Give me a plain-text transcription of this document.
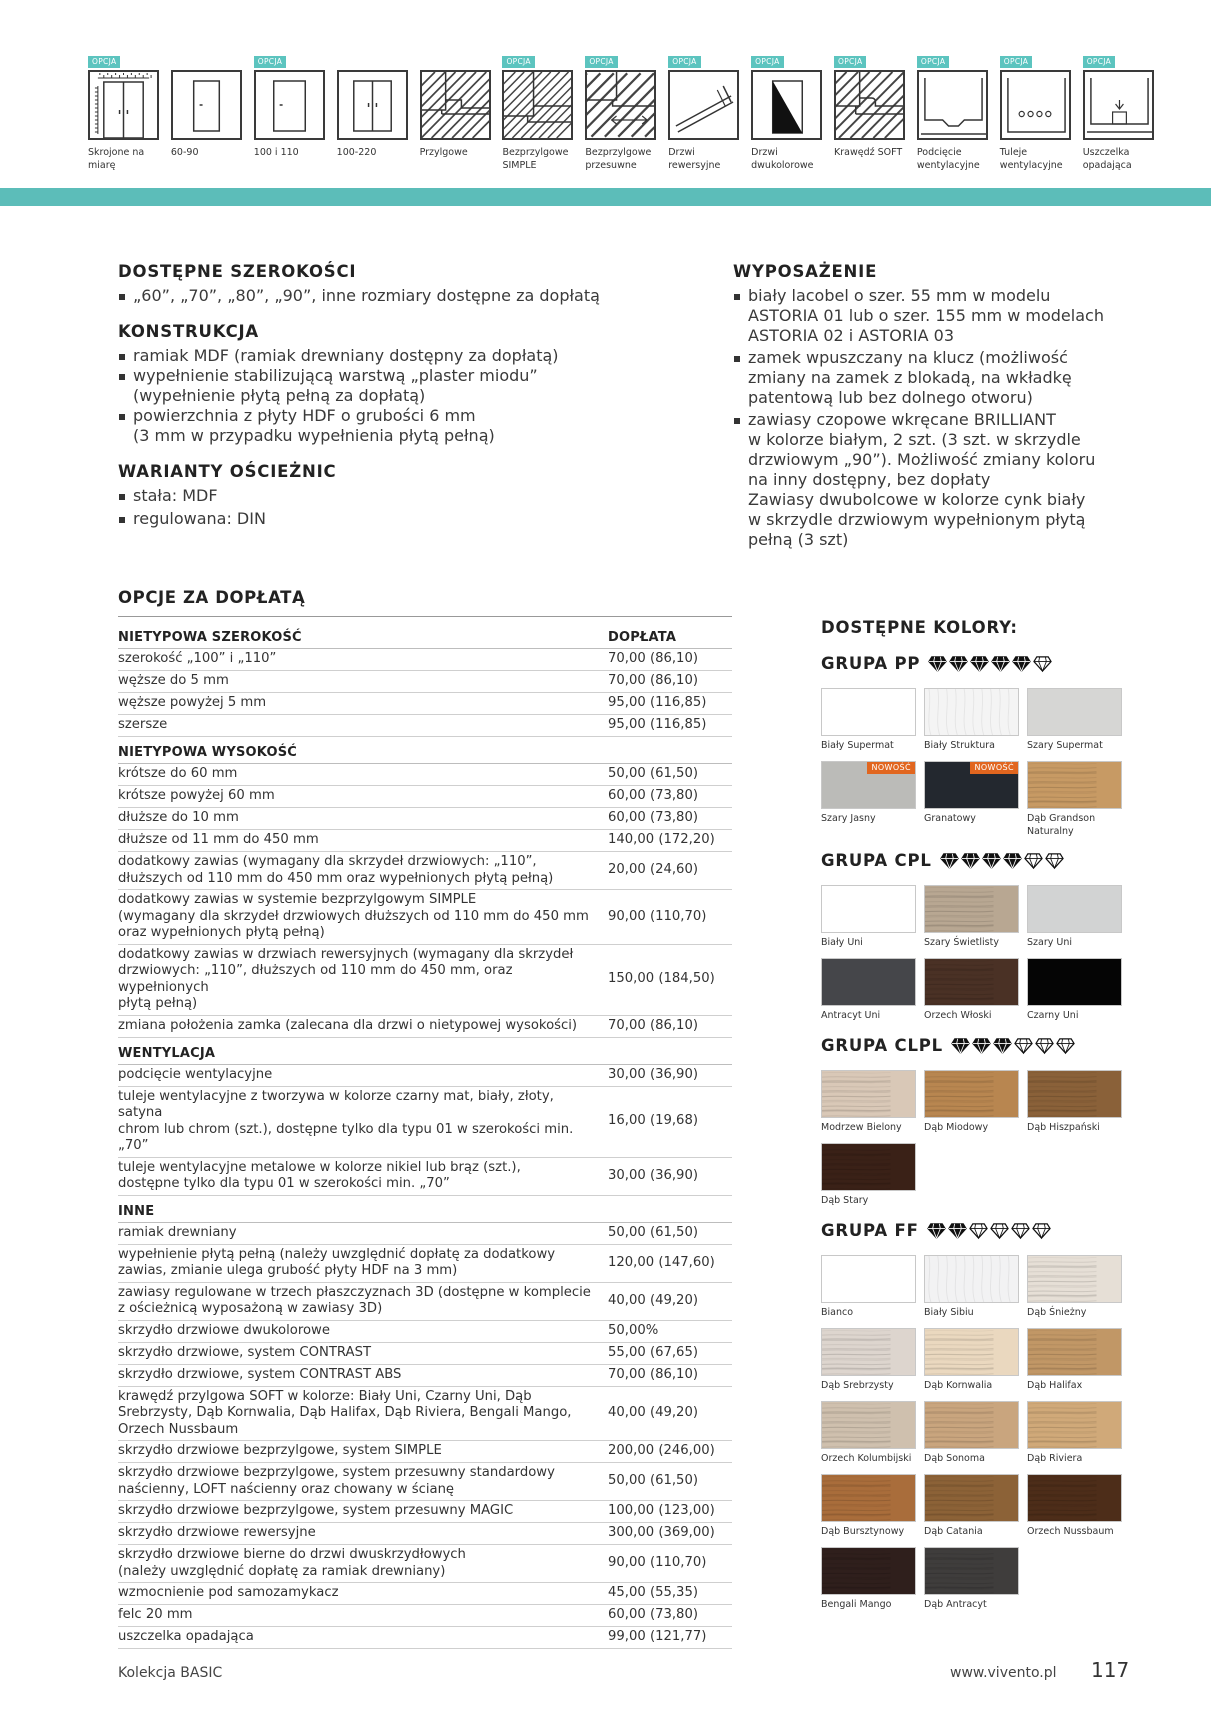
OPCJA
Skrojone na miarę
60-90
OPCJA
100 i 110	100-220	Przylgowe
OPCJA
Bezprzylgowe SIMPLE
OPCJA
Bezprzylgowe przesuwne
OPCJA
Drzwi rewersyjne
OPCJA
Drzwi dwukolorowe
OPCJA
Krawędź SOFT
OPCJA
Podcięcie wentylacyjne
OPCJA
Tuleje wentylacyjne
OPCJA
Uszczelka opadająca
DOSTĘPNE SZEROKOŚCI
„60”, „70”, „80”, „90”, inne rozmiary dostępne za dopłatą
KONSTRUKCJA
ramiak MDF (ramiak drewniany dostępny za dopłatą)
wypełnienie stabilizującą warstwą „plaster miodu”
(wypełnienie płytą pełną za dopłatą)
powierzchnia z płyty HDF o grubości 6 mm
(3 mm w przypadku wypełnienia płytą pełną)
WARIANTY OŚCIEŻNIC
stała: MDF
regulowana: DIN
WYPOSAŻENIE
biały lacobel o szer. 55 mm w modelu
ASTORIA 01 lub o szer. 155 mm w modelach
ASTORIA 02 i ASTORIA 03
zamek wpuszczany na klucz (możliwość
zmiany na zamek z blokadą, na wkładkę
patentową lub bez dolnego otworu)
zawiasy czopowe wkręcane BRILLIANT
w kolorze białym, 2 szt. (3 szt. w skrzydle
drzwiowym „90”). Możliwość zmiany koloru
na inny dostępny, bez dopłaty
Zawiasy dwubolcowe w kolorze cynk biały
w skrzydle drzwiowym wypełnionym płytą
pełną (3 szt)
OPCJE ZA DOPŁATĄ
NIETYPOWA SZEROKOŚĆ	DOPŁATA
szerokość „100” i „110”	70,00 (86,10)
węższe do 5 mm	70,00 (86,10)
węższe powyżej 5 mm	95,00 (116,85)
szersze	95,00 (116,85)
NIETYPOWA WYSOKOŚĆ
krótsze do 60 mm	50,00 (61,50)
krótsze powyżej 60 mm	60,00 (73,80)
dłuższe do 10 mm	60,00 (73,80)
dłuższe od 11 mm do 450 mm	140,00 (172,20)
dodatkowy zawias (wymagany dla skrzydeł drzwiowych: „110”,
dłuższych od 110 mm do 450 mm oraz wypełnionych płytą pełną)
20,00 (24,60)
dodatkowy zawias w systemie bezprzylgowym SIMPLE
(wymagany dla skrzydeł drzwiowych dłuższych od 110 mm do 450 mm
oraz wypełnionych płytą pełną)
90,00 (110,70)
dodatkowy zawias w drzwiach rewersyjnych (wymagany dla skrzydeł
drzwiowych: „110”, dłuższych od 110 mm do 450 mm, oraz wypełnionych
płytą pełną)
150,00 (184,50)
zmiana położenia zamka (zalecana dla drzwi o nietypowej wysokości)	70,00 (86,10)
WENTYLACJA
podcięcie wentylacyjne	30,00 (36,90)
tuleje wentylacyjne z tworzywa w kolorze czarny mat, biały, złoty, satyna
chrom lub chrom (szt.), dostępne tylko dla typu 01 w szerokości min. „70”
16,00 (19,68)
tuleje wentylacyjne metalowe w kolorze nikiel lub brąz (szt.),
dostępne tylko dla typu 01 w szerokości min. „70”
30,00 (36,90)
INNE
ramiak drewniany	50,00 (61,50)
wypełnienie płytą pełną (należy uwzględnić dopłatę za dodatkowy
zawias, zmianie ulega grubość płyty HDF na 3 mm)
120,00 (147,60)
zawiasy regulowane w trzech płaszczyznach 3D (dostępne w komplecie
z ościeżnicą wyposażoną w zawiasy 3D)
40,00 (49,20)
skrzydło drzwiowe dwukolorowe	50,00%
skrzydło drzwiowe, system CONTRAST	55,00 (67,65)
skrzydło drzwiowe, system CONTRAST ABS	70,00 (86,10)
krawędź przylgowa SOFT w kolorze: Biały Uni, Czarny Uni, Dąb
Srebrzysty, Dąb Kornwalia, Dąb Halifax, Dąb Riviera, Bengali Mango,
Orzech Nussbaum
40,00 (49,20)
skrzydło drzwiowe bezprzylgowe, system SIMPLE	200,00 (246,00)
skrzydło drzwiowe bezprzylgowe, system przesuwny standardowy
naścienny, LOFT naścienny oraz chowany w ścianę
50,00 (61,50)
skrzydło drzwiowe bezprzylgowe, system przesuwny MAGIC	100,00 (123,00)
skrzydło drzwiowe rewersyjne	300,00 (369,00)
skrzydło drzwiowe bierne do drzwi dwuskrzydłowych
(należy uwzględnić dopłatę za ramiak drewniany)
90,00 (110,70)
wzmocnienie pod samozamykacz	45,00 (55,35)
felc 20 mm	60,00 (73,80)
uszczelka opadająca	99,00 (121,77)
DOSTĘPNE KOLORY:
GRUPA PP
Biały Supermat	Biały Struktura	Szary Supermat
NOWOŚĆ
Szary Jasny
NOWOŚĆ
Granatowy	Dąb Grandson Naturalny
GRUPA CPL
Biały Uni	Szary Świetlisty	Szary Uni
Antracyt Uni	Orzech Włoski	Czarny Uni
GRUPA CLPL
Modrzew Bielony	Dąb Miodowy	Dąb Hiszpański
Dąb Stary
GRUPA FF
Bianco	Biały Sibiu	Dąb Śnieżny
Dąb Srebrzysty	Dąb Kornwalia	Dąb Halifax
Orzech Kolumbijski	Dąb Sonoma	Dąb Riviera
Dąb Bursztynowy	Dąb Catania	Orzech Nussbaum
Bengali Mango	Dąb Antracyt
Kolekcja BASIC	www.vivento.pl 117
